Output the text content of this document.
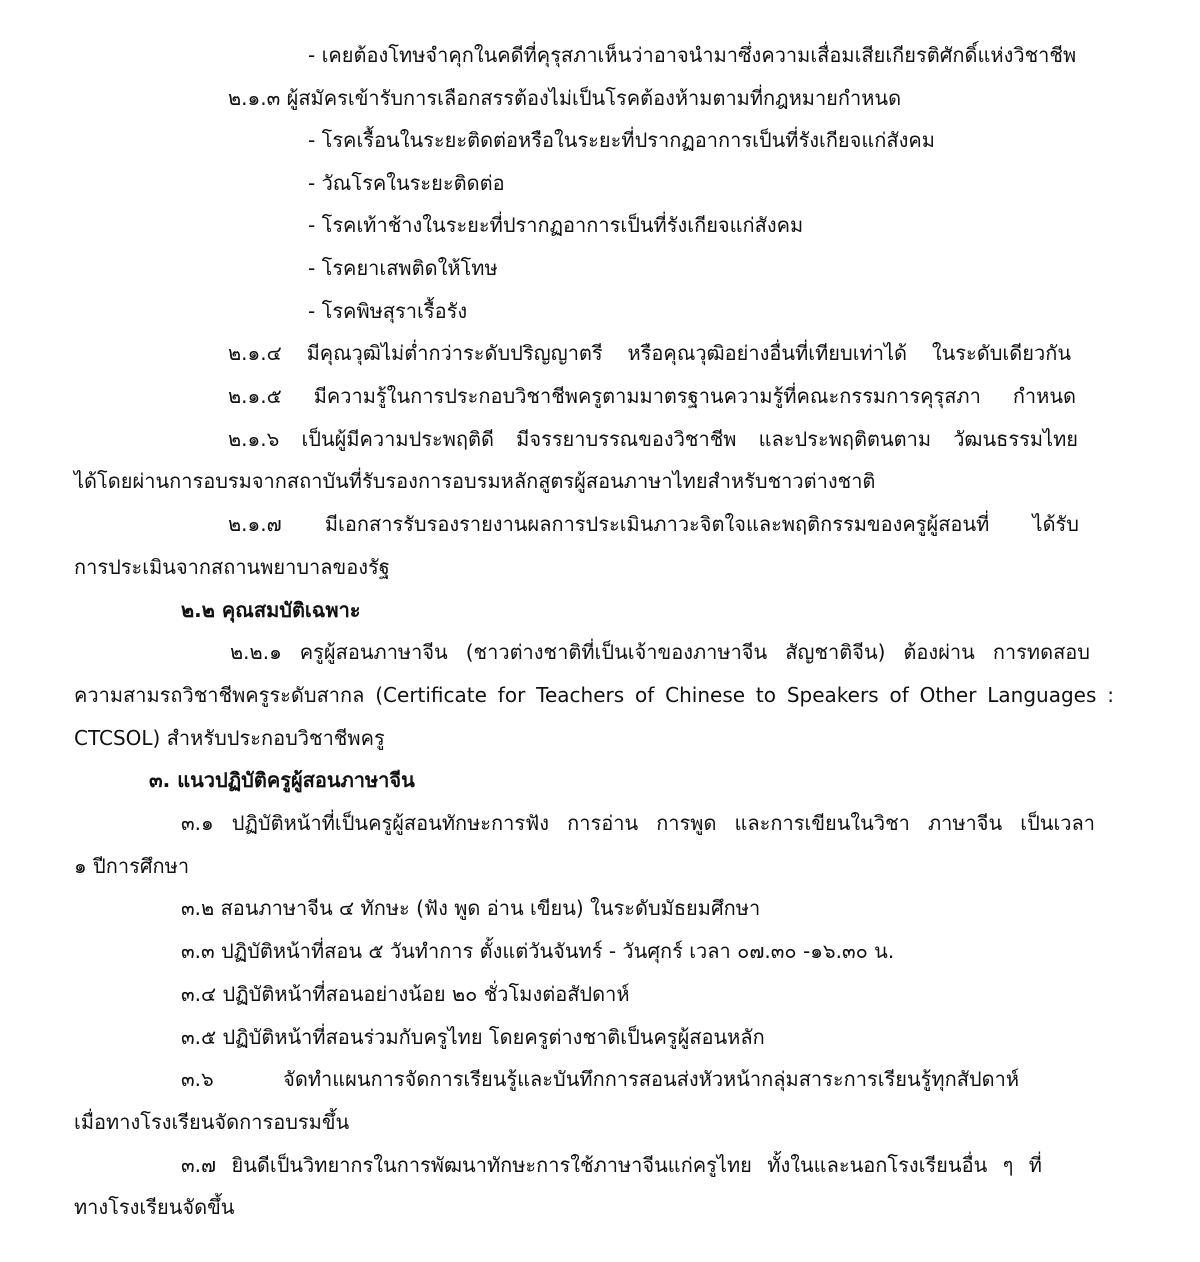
- เคยต้องโทษจำคุกในคดีที่คุรุสภาเห็นว่าอาจนำมาซึ่งความเสื่อมเสียเกียรติศักดิ์แห่งวิชาชีพ
๒.๑.๓ ผู้สมัครเข้ารับการเลือกสรรต้องไม่เป็นโรคต้องห้ามตามที่กฎหมายกำหนด
- โรคเรื้อนในระยะติดต่อหรือในระยะที่ปรากฏอาการเป็นที่รังเกียจแก่สังคม
- วัณโรคในระยะติดต่อ
- โรคเท้าช้างในระยะที่ปรากฏอาการเป็นที่รังเกียจแก่สังคม
- โรคยาเสพติดให้โทษ
- โรคพิษสุราเรื้อรัง
๒.๑.๔ มีคุณวุฒิไม่ต่ำกว่าระดับปริญญาตรี หรือคุณวุฒิอย่างอื่นที่เทียบเท่าได้ ในระดับเดียวกัน
๒.๑.๕ มีความรู้ในการประกอบวิชาชีพครูตามมาตรฐานความรู้ที่คณะกรรมการคุรุสภา กำหนด
๒.๑.๖ เป็นผู้มีความประพฤติดี มีจรรยาบรรณของวิชาชีพ และประพฤติตนตาม วัฒนธรรมไทย
ได้โดยผ่านการอบรมจากสถาบันที่รับรองการอบรมหลักสูตรผู้สอนภาษาไทยสำหรับชาวต่างชาติ
๒.๑.๗ มีเอกสารรับรองรายงานผลการประเมินภาวะจิตใจและพฤติกรรมของครูผู้สอนที่ ได้รับ
การประเมินจากสถานพยาบาลของรัฐ
๒.๒ คุณสมบัติเฉพาะ
๒.๒.๑ ครูผู้สอนภาษาจีน (ชาวต่างชาติที่เป็นเจ้าของภาษาจีน สัญชาติจีน) ต้องผ่าน การทดสอบ
ความสามรถวิชาชีพครูระดับสากล (Certificate for Teachers of Chinese to Speakers of Other Languages :
CTCSOL) สำหรับประกอบวิชาชีพครู
๓. แนวปฏิบัติครูผู้สอนภาษาจีน
๓.๑ ปฏิบัติหน้าที่เป็นครูผู้สอนทักษะการฟัง การอ่าน การพูด และการเขียนในวิชา ภาษาจีน เป็นเวลา
๑ ปีการศึกษา
๓.๒ สอนภาษาจีน ๔ ทักษะ (ฟัง พูด อ่าน เขียน) ในระดับมัธยมศึกษา
๓.๓ ปฏิบัติหน้าที่สอน ๕ วันทำการ ตั้งแต่วันจันทร์ - วันศุกร์ เวลา ๐๗.๓๐ -๑๖.๓๐ น.
๓.๔ ปฏิบัติหน้าที่สอนอย่างน้อย ๒๐ ชั่วโมงต่อสัปดาห์
๓.๕ ปฏิบัติหน้าที่สอนร่วมกับครูไทย โดยครูต่างชาติเป็นครูผู้สอนหลัก
๓.๖ จัดทำแผนการจัดการเรียนรู้และบันทึกการสอนส่งหัวหน้ากลุ่มสาระการเรียนรู้ทุกสัปดาห์
เมื่อทางโรงเรียนจัดการอบรมขึ้น
๓.๗ ยินดีเป็นวิทยากรในการพัฒนาทักษะการใช้ภาษาจีนแก่ครูไทย ทั้งในและนอกโรงเรียนอื่น ๆ ที่
ทางโรงเรียนจัดขึ้น
